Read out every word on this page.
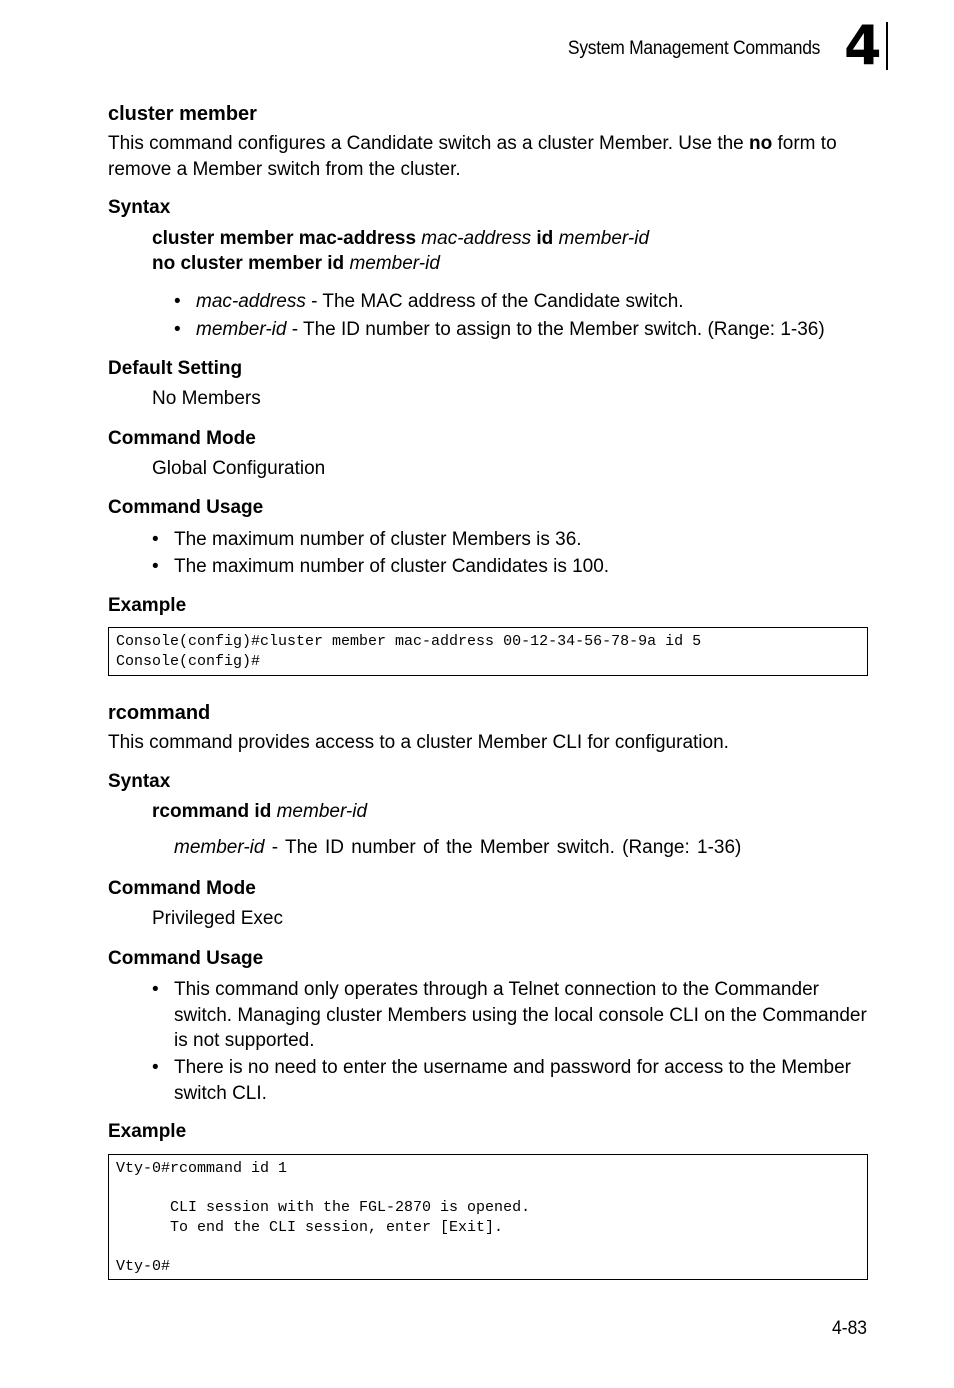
System Management Commands 4
cluster member
This command configures a Candidate switch as a cluster Member. Use the no form to remove a Member switch from the cluster.
Syntax
cluster member mac-address mac-address id member-id
no cluster member id member-id
• mac-address - The MAC address of the Candidate switch.
• member-id - The ID number to assign to the Member switch. (Range: 1-36)
Default Setting
No Members
Command Mode
Global Configuration
Command Usage
• The maximum number of cluster Members is 36.
• The maximum number of cluster Candidates is 100.
Example
Console(config)#cluster member mac-address 00-12-34-56-78-9a id 5
Console(config)#
rcommand
This command provides access to a cluster Member CLI for configuration.
Syntax
rcommand id member-id
member-id - The ID number of the Member switch. (Range: 1-36)
Command Mode
Privileged Exec
Command Usage
• This command only operates through a Telnet connection to the Commander switch. Managing cluster Members using the local console CLI on the Commander is not supported.
• There is no need to enter the username and password for access to the Member switch CLI.
Example
Vty-0#rcommand id 1

CLI session with the FGL-2870 is opened.
To end the CLI session, enter [Exit].

Vty-0#
4-83
